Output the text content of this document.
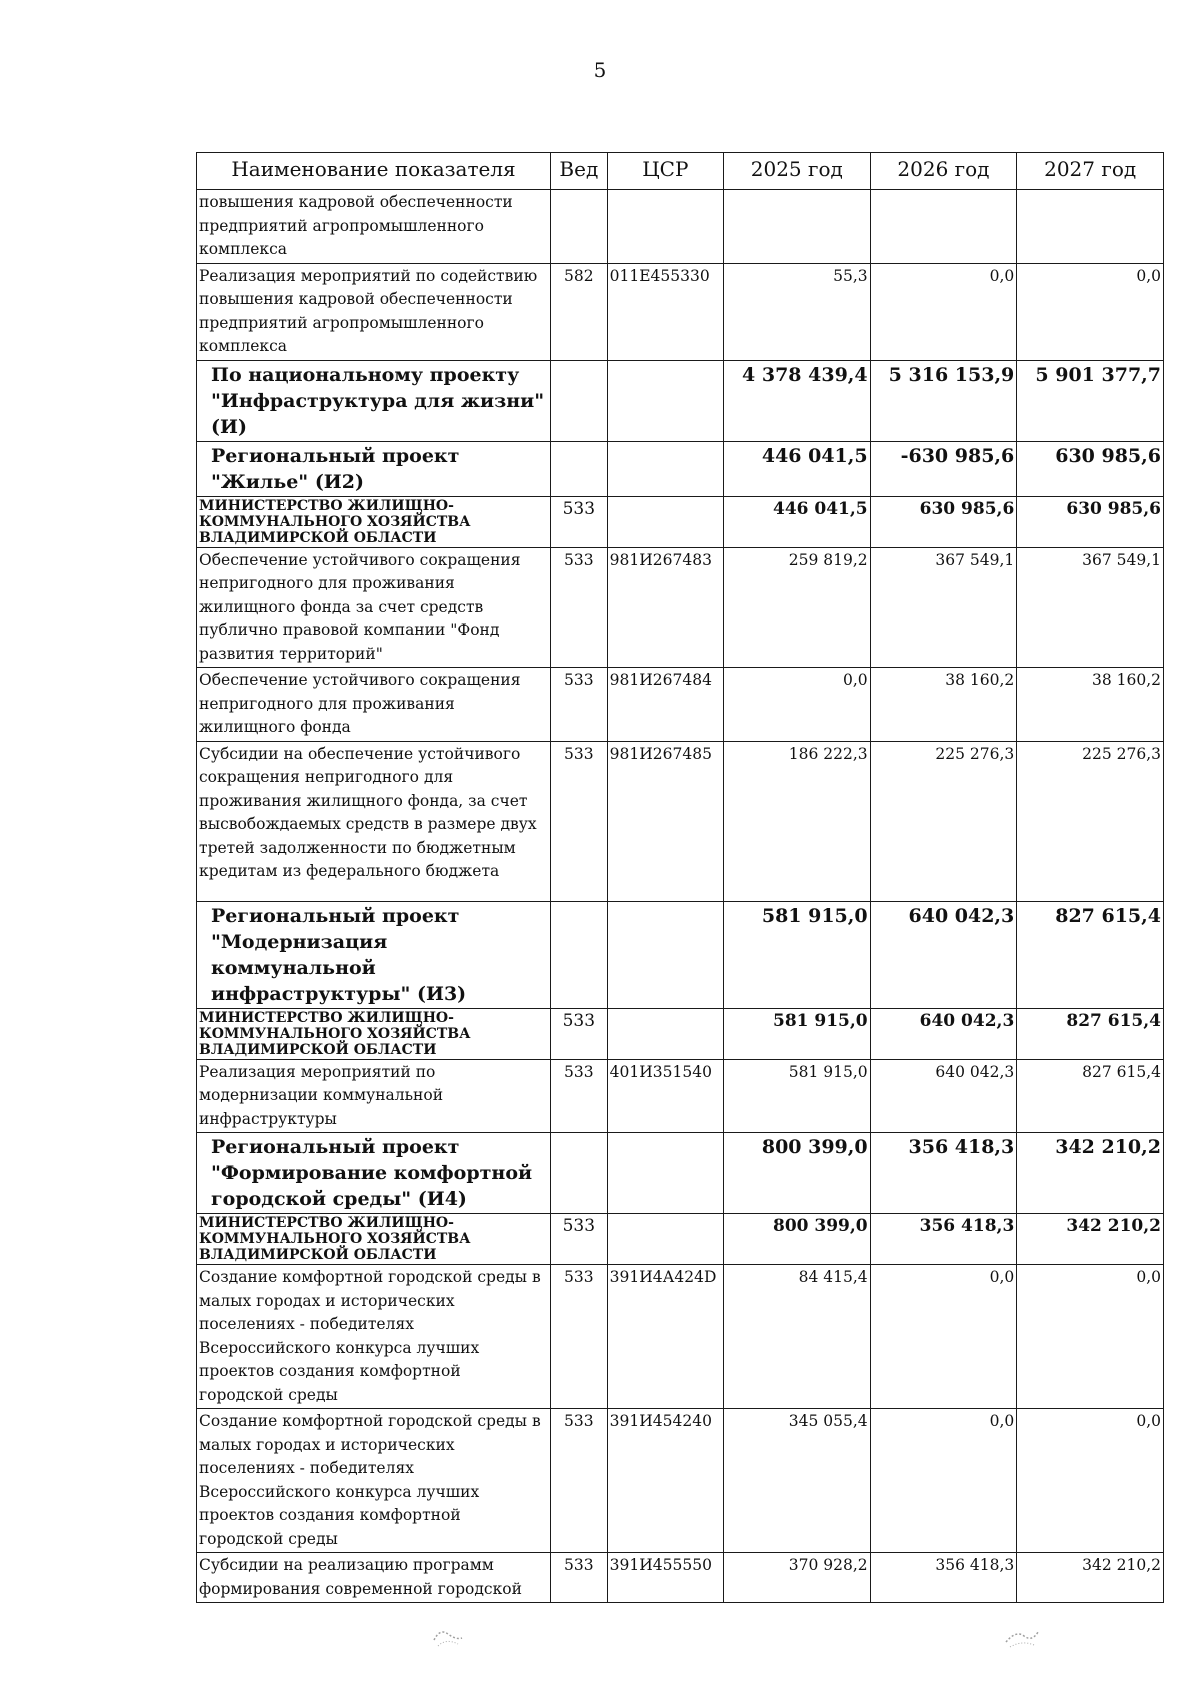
5
Наименование показателя	Вед	ЦСР	2025 год	2026 год	2027 год
повышения кадровой обеспеченности предприятий агропромышленного комплекса					
Реализация мероприятий по содействию повышения кадровой обеспеченности предприятий агропромышленного комплекса	582	011E455330	55,3	0,0	0,0
По национальному проекту "Инфраструктура для жизни" (И)			4 378 439,4	5 316 153,9	5 901 377,7
Региональный проект "Жилье" (И2)			446 041,5	-630 985,6	630 985,6
МИНИСТЕРСТВО ЖИЛИЩНО-КОММУНАЛЬНОГО ХОЗЯЙСТВА ВЛАДИМИРСКОЙ ОБЛАСТИ	533		446 041,5	630 985,6	630 985,6
Обеспечение устойчивого сокращения непригодного для проживания жилищного фонда за счет средств публично правовой компании "Фонд развития территорий"	533	981И267483	259 819,2	367 549,1	367 549,1
Обеспечение устойчивого сокращения непригодного для проживания жилищного фонда	533	981И267484	0,0	38 160,2	38 160,2
Субсидии на обеспечение устойчивого сокращения непригодного для проживания жилищного фонда, за счет высвобождаемых средств в размере двух третей задолженности по бюджетным кредитам из федерального бюджета	533	981И267485	186 222,3	225 276,3	225 276,3
Региональный проект "Модернизация коммунальной инфраструктуры" (И3)			581 915,0	640 042,3	827 615,4
МИНИСТЕРСТВО ЖИЛИЩНО-КОММУНАЛЬНОГО ХОЗЯЙСТВА ВЛАДИМИРСКОЙ ОБЛАСТИ	533		581 915,0	640 042,3	827 615,4
Реализация мероприятий по модернизации коммунальной инфраструктуры	533	401И351540	581 915,0	640 042,3	827 615,4
Региональный проект "Формирование комфортной городской среды" (И4)			800 399,0	356 418,3	342 210,2
МИНИСТЕРСТВО ЖИЛИЩНО-КОММУНАЛЬНОГО ХОЗЯЙСТВА ВЛАДИМИРСКОЙ ОБЛАСТИ	533		800 399,0	356 418,3	342 210,2
Создание комфортной городской среды в малых городах и исторических поселениях - победителях Всероссийского конкурса лучших проектов создания комфортной городской среды	533	391И4А424D	84 415,4	0,0	0,0
Создание комфортной городской среды в малых городах и исторических поселениях - победителях Всероссийского конкурса лучших проектов создания комфортной городской среды	533	391И454240	345 055,4	0,0	0,0
Субсидии на реализацию программ формирования современной городской	533	391И455550	370 928,2	356 418,3	342 210,2
